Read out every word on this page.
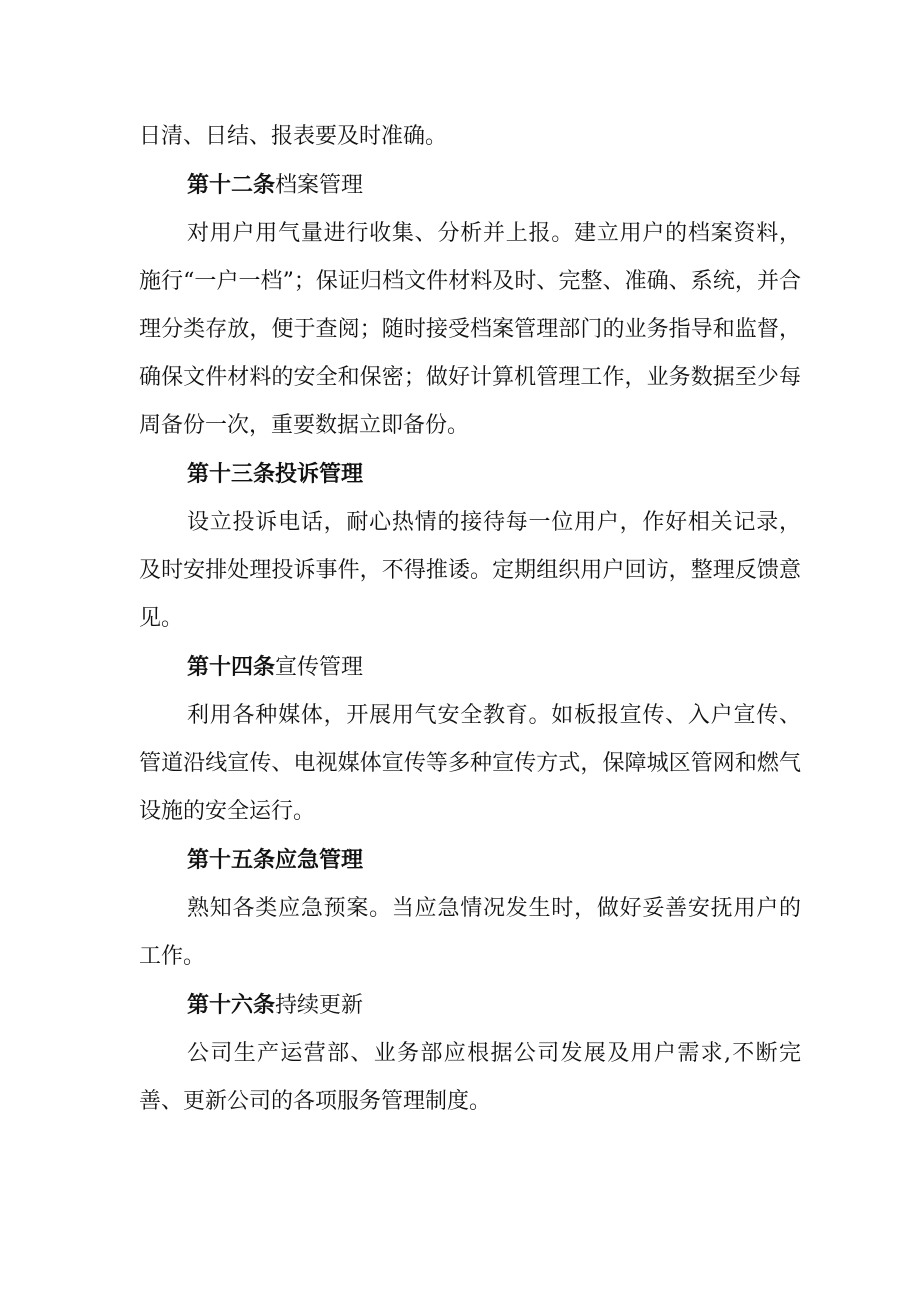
日清、日结、报表要及时准确。

第十二条档案管理

对用户用气量进行收集、分析并上报。建立用户的档案资料，施行“一户一档”；保证归档文件材料及时、完整、准确、系统，并合理分类存放，便于查阅；随时接受档案管理部门的业务指导和监督，确保文件材料的安全和保密；做好计算机管理工作，业务数据至少每周备份一次，重要数据立即备份。

第十三条投诉管理

设立投诉电话，耐心热情的接待每一位用户，作好相关记录，及时安排处理投诉事件，不得推诿。定期组织用户回访，整理反馈意见。

第十四条宣传管理

利用各种媒体，开展用气安全教育。如板报宣传、入户宣传、管道沿线宣传、电视媒体宣传等多种宣传方式，保障城区管网和燃气设施的安全运行。

第十五条应急管理

熟知各类应急预案。当应急情况发生时，做好妥善安抚用户的工作。

第十六条持续更新

公司生产运营部、业务部应根据公司发展及用户需求,不断完善、更新公司的各项服务管理制度。
